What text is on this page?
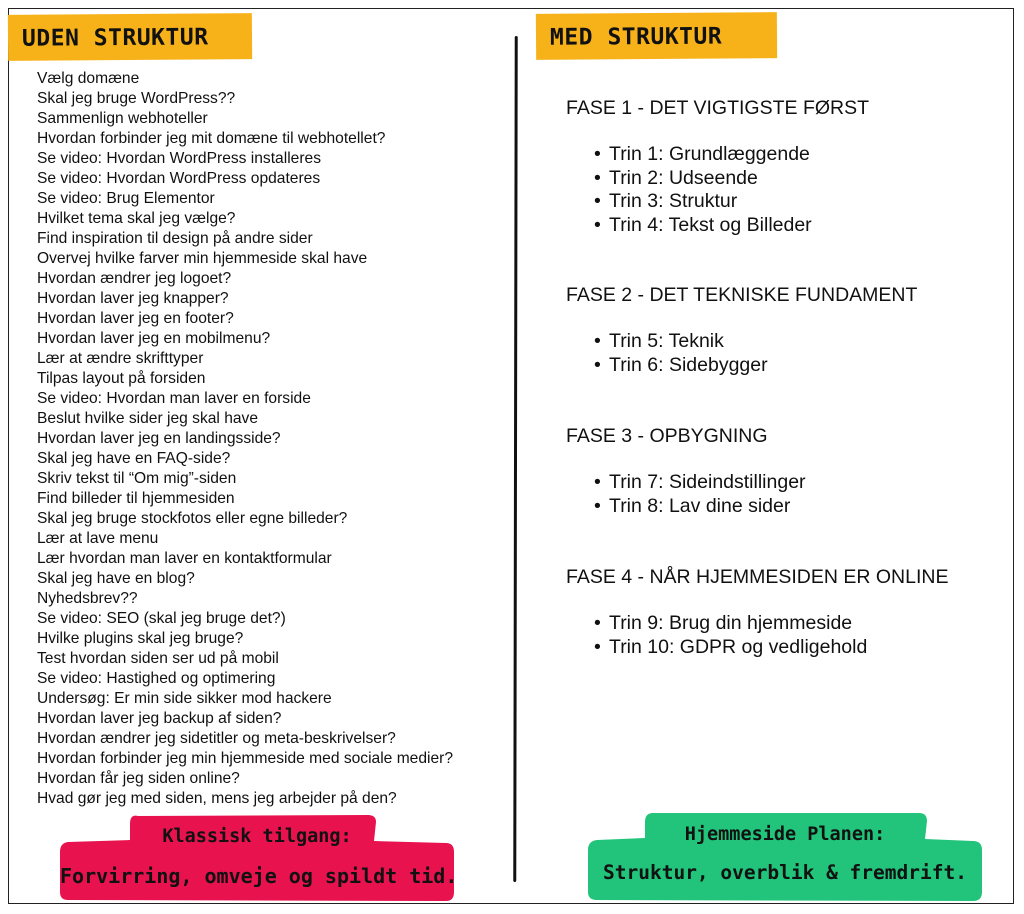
UDEN STRUKTUR	MED STRUKTUR
Vælg domæne
Skal jeg bruge WordPress??
Sammenlign webhoteller
Hvordan forbinder jeg mit domæne til webhotellet?
Se video: Hvordan WordPress installeres
Se video: Hvordan WordPress opdateres
Se video: Brug Elementor
Hvilket tema skal jeg vælge?
Find inspiration til design på andre sider
Overvej hvilke farver min hjemmeside skal have
Hvordan ændrer jeg logoet?
Hvordan laver jeg knapper?
Hvordan laver jeg en footer?
Hvordan laver jeg en mobilmenu?
Lær at ændre skrifttyper
Tilpas layout på forsiden
Se video: Hvordan man laver en forside
Beslut hvilke sider jeg skal have
Hvordan laver jeg en landingsside?
Skal jeg have en FAQ-side?
Skriv tekst til “Om mig”-siden
Find billeder til hjemmesiden
Skal jeg bruge stockfotos eller egne billeder?
Lær at lave menu
Lær hvordan man laver en kontaktformular
Skal jeg have en blog?
Nyhedsbrev??
Se video: SEO (skal jeg bruge det?)
Hvilke plugins skal jeg bruge?
Test hvordan siden ser ud på mobil
Se video: Hastighed og optimering
Undersøg: Er min side sikker mod hackere
Hvordan laver jeg backup af siden?
Hvordan ændrer jeg sidetitler og meta-beskrivelser?
Hvordan forbinder jeg min hjemmeside med sociale medier?
Hvordan får jeg siden online?
Hvad gør jeg med siden, mens jeg arbejder på den?
FASE 1 - DET VIGTIGSTE FØRST
• Trin 1: Grundlæggende
• Trin 2: Udseende
• Trin 3: Struktur
• Trin 4: Tekst og Billeder
FASE 2 - DET TEKNISKE FUNDAMENT
• Trin 5: Teknik
• Trin 6: Sidebygger
FASE 3 - OPBYGNING
• Trin 7: Sideindstillinger
• Trin 8: Lav dine sider
FASE 4 - NÅR HJEMMESIDEN ER ONLINE
• Trin 9: Brug din hjemmeside
• Trin 10: GDPR og vedligehold
Klassisk tilgang:
Forvirring, omveje og spildt tid.
Hjemmeside Planen:
Struktur, overblik & fremdrift.
